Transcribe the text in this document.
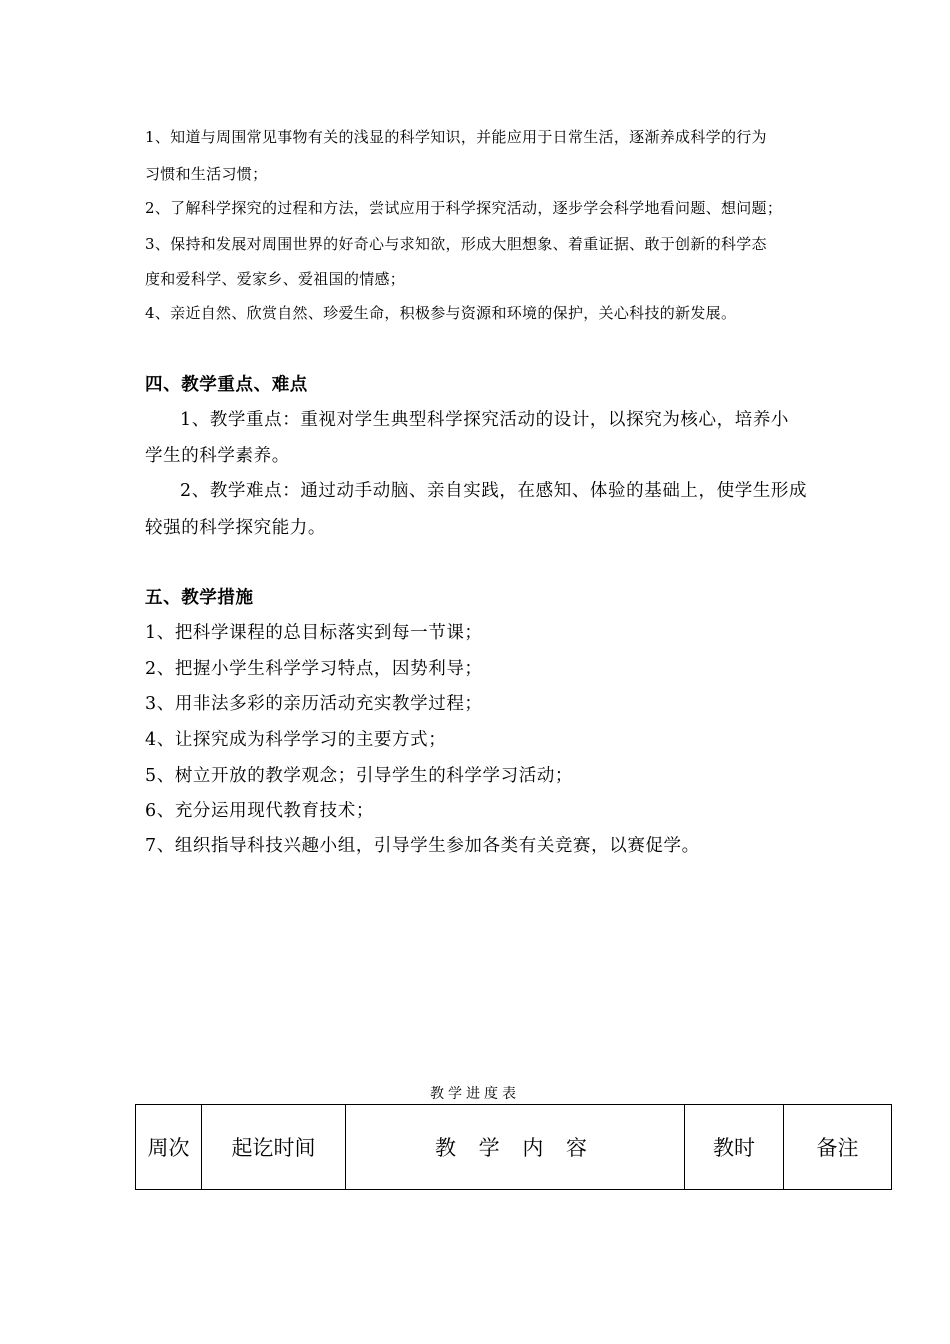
1、知道与周围常见事物有关的浅显的科学知识，并能应用于日常生活，逐渐养成科学的行为
习惯和生活习惯；
2、了解科学探究的过程和方法，尝试应用于科学探究活动，逐步学会科学地看问题、想问题；
3、保持和发展对周围世界的好奇心与求知欲，形成大胆想象、着重证据、敢于创新的科学态
度和爱科学、爱家乡、爱祖国的情感；
4、亲近自然、欣赏自然、珍爱生命，积极参与资源和环境的保护，关心科技的新发展。
四、教学重点、难点
1、教学重点：重视对学生典型科学探究活动的设计，以探究为核心，培养小
学生的科学素养。
2、教学难点：通过动手动脑、亲自实践，在感知、体验的基础上，使学生形成
较强的科学探究能力。
五、教学措施
1、把科学课程的总目标落实到每一节课；
2、把握小学生科学学习特点，因势利导；
3、用非法多彩的亲历活动充实教学过程；
4、让探究成为科学学习的主要方式；
5、树立开放的教学观念；引导学生的科学学习活动；
6、充分运用现代教育技术；
7、组织指导科技兴趣小组，引导学生参加各类有关竞赛，以赛促学。
教学进度表
周次	起讫时间	教 学 内 容	教时	备注
